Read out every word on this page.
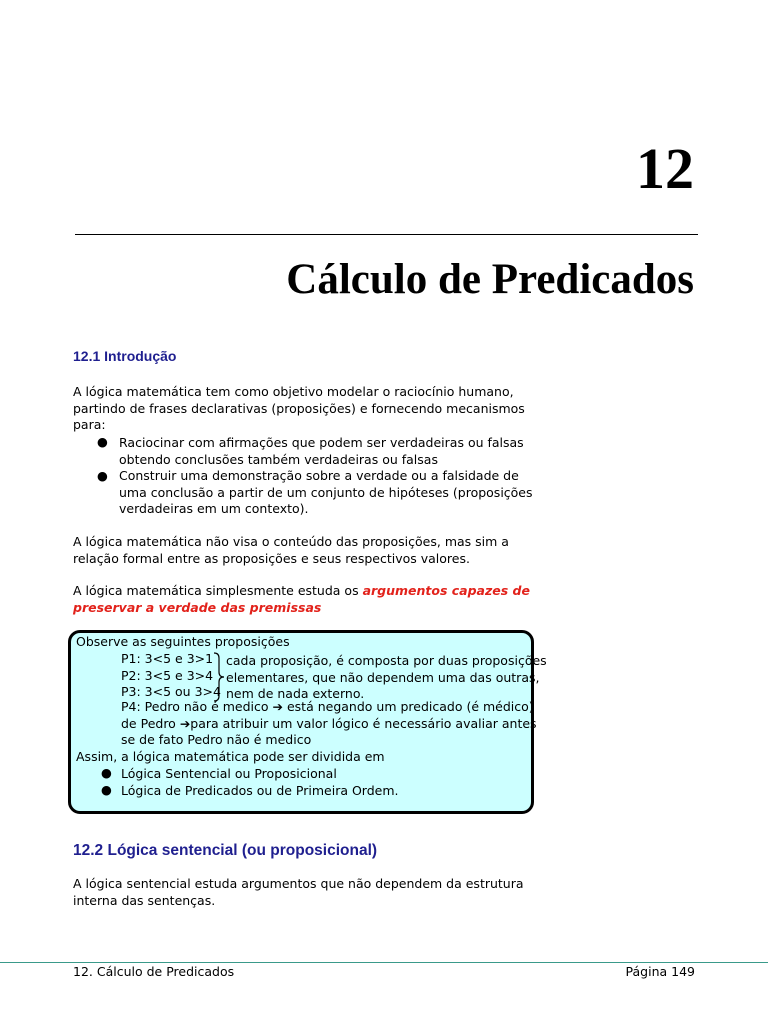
12
Cálculo de Predicados
12.1 Introdução
A lógica matemática tem como objetivo modelar o raciocínio humano,
partindo de frases declarativas (proposições) e fornecendo mecanismos
para:
● Raciocinar com afirmações que podem ser verdadeiras ou falsas
obtendo conclusões também verdadeiras ou falsas
● Construir uma demonstração sobre a verdade ou a falsidade de
uma conclusão a partir de um conjunto de hipóteses (proposições
verdadeiras em um contexto).
A lógica matemática não visa o conteúdo das proposições, mas sim a
relação formal entre as proposições e seus respectivos valores.
A lógica matemática simplesmente estuda os argumentos capazes de
preservar a verdade das premissas
Observe as seguintes proposições
P1: 3<5 e 3>1
P2: 3<5 e 3>4
P3: 3<5 ou 3>4
cada proposição, é composta por duas proposições
elementares, que não dependem uma das outras,
nem de nada externo.
P4: Pedro não é medico ➔ está negando um predicado (é médico)
de Pedro ➔para atribuir um valor lógico é necessário avaliar antes
se de fato Pedro não é medico
Assim, a lógica matemática pode ser dividida em
● Lógica Sentencial ou Proposicional
● Lógica de Predicados ou de Primeira Ordem.
12.2 Lógica sentencial (ou proposicional)
A lógica sentencial estuda argumentos que não dependem da estrutura
interna das sentenças.
12. Cálculo de Predicados	Página 149
